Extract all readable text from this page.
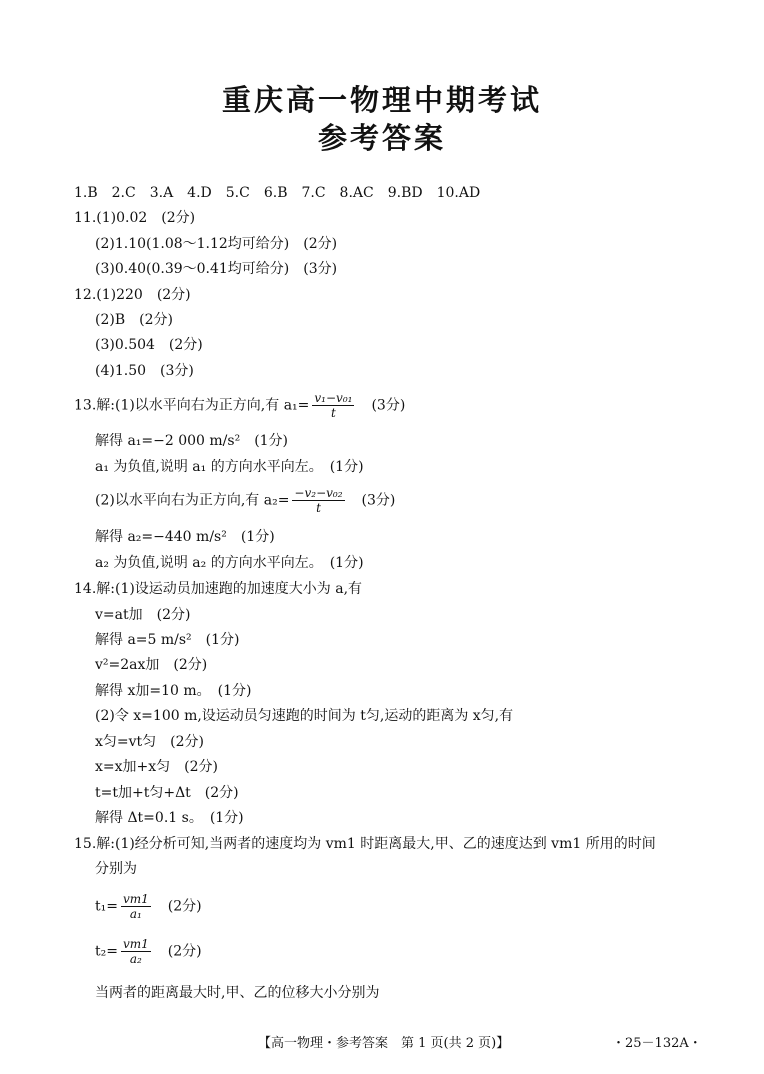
重庆高一物理中期考试
参考答案
1.B　2.C　3.A　4.D　5.C　6.B　7.C　8.AC　9.BD　10.AD
11.(1)0.02　(2分)
(2)1.10(1.08～1.12均可给分)　(2分)
(3)0.40(0.39～0.41均可给分)　(3分)
12.(1)220　(2分)
(2)B　(2分)
(3)0.504　(2分)
(4)1.50　(3分)
13.解:(1)以水平向右为正方向,有 $a_1= \frac{\text{v₁−v₀₁}}{t}$
　 (3分)
解得 a₁=−2 000 m/s²　(1分)
a₁ 为负值,说明 a₁ 的方向水平向左。　(1分)
(2)以水平向右为正方向,有 $a_2= \frac{\text{−v₂−v₀₂}}{t}$
　 (3分)
解得 a₂=−440 m/s²　(1分)
a₂ 为负值,说明 a₂ 的方向水平向左。　(1分)
14.解:(1)设运动员加速跑的加速度大小为 a,有
v=at加　(2分)
解得 a=5 m/s²　(1分)
v²=2ax加　(2分)
解得 x加=10 m。　(1分)
(2)令 x=100 m,设运动员匀速跑的时间为 t匀,运动的距离为 x匀,有
x匀=vt匀　(2分)
x=x加+x匀　(2分)
t=t加+t匀+Δt　(2分)
解得 Δt=0.1 s。　(1分)
15.解:(1)经分析可知,当两者的速度均为 vm1 时距离最大,甲、乙的速度达到 vm1 所用的时间
分别为
$t_1= \frac{vm1}{\text{a₁}}$
　 (2分)
$t_2= \frac{vm1}{\text{a₂}}$
　 (2分)
当两者的距离最大时,甲、乙的位移大小分别为
【高一物理・参考答案　第 1 页(共 2 页)】	・25－132A・
